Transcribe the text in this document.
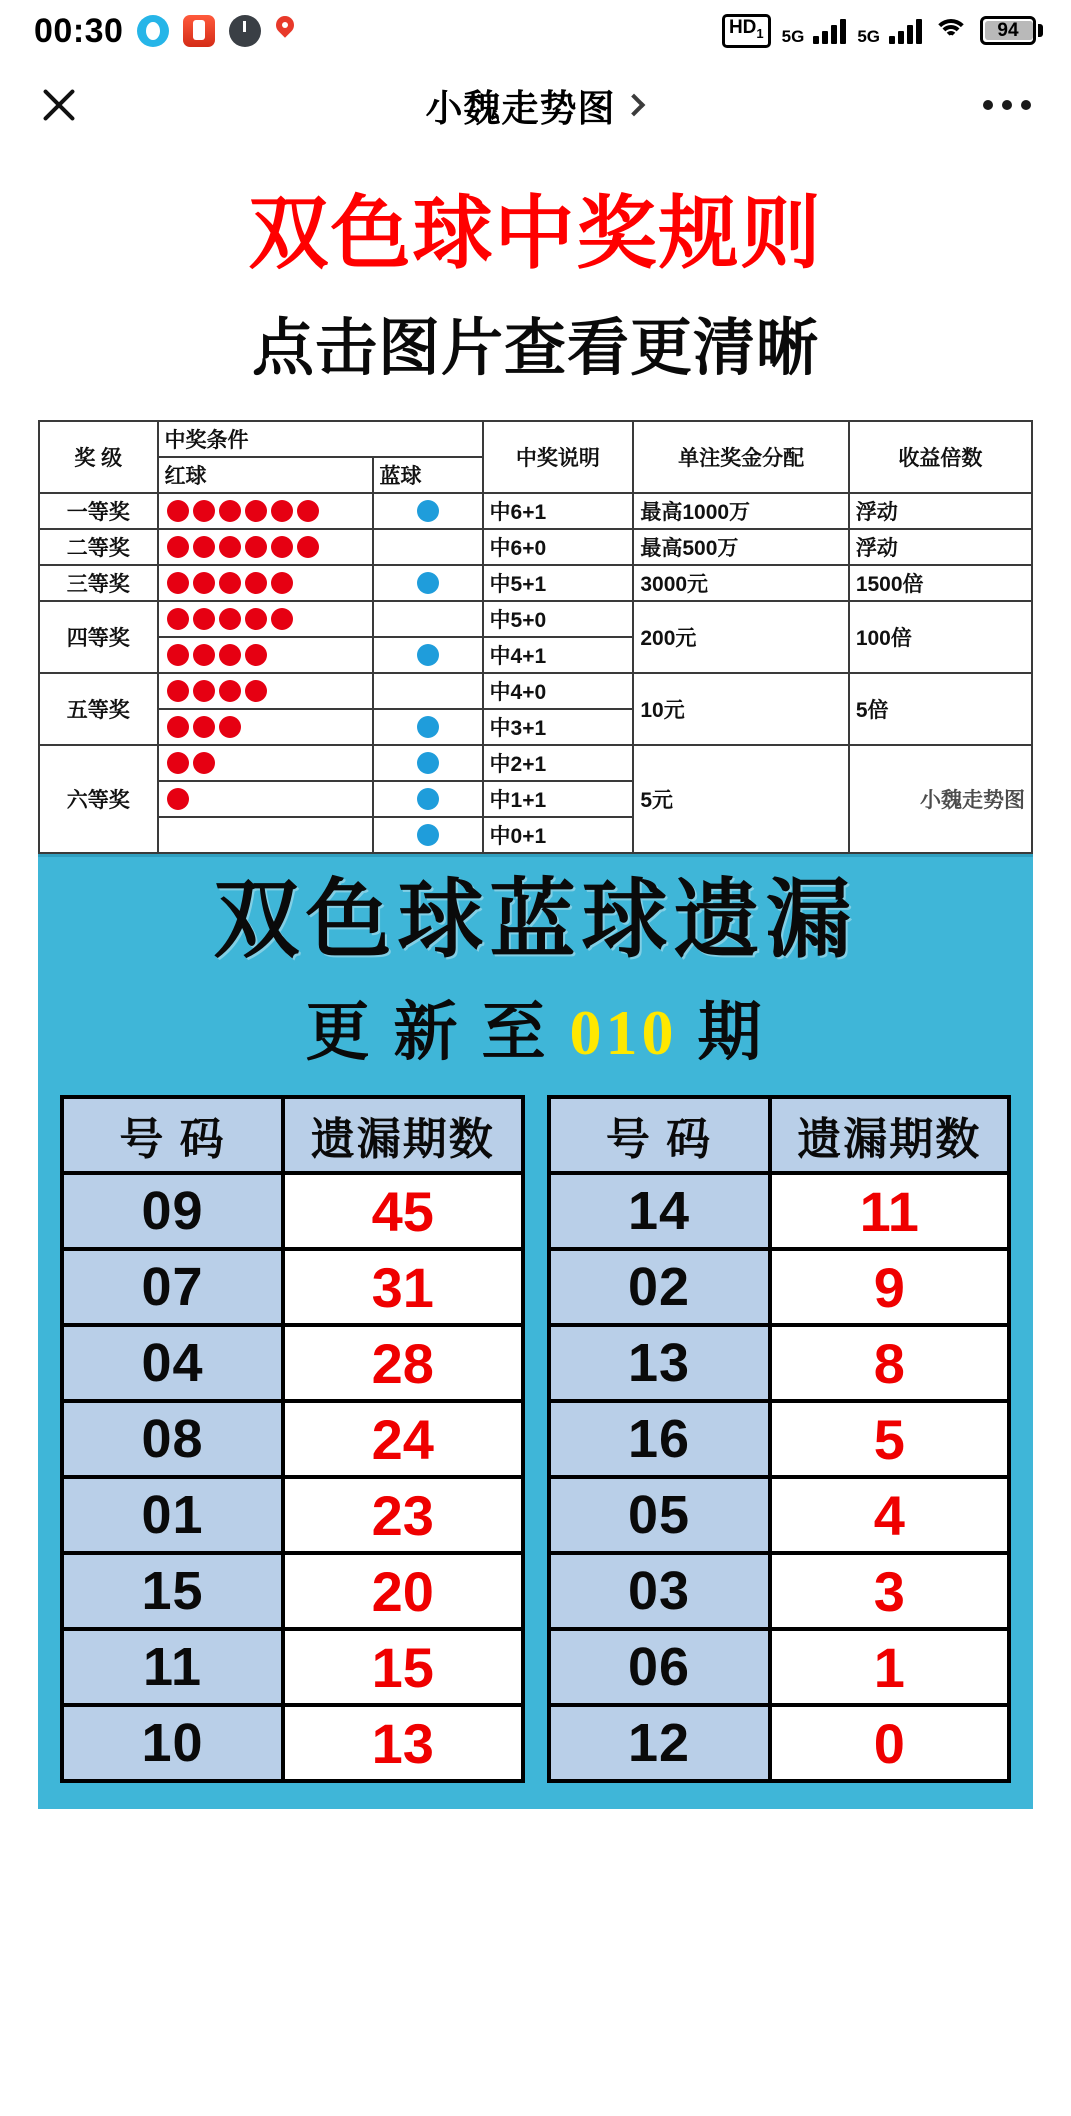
00:30	$HD_1$	5G	5G	94
小魏走势图
双色球中奖规则
点击图片查看更清晰
奖 级	中奖条件		中奖说明	单注奖金分配	收益倍数
	红球	蓝球			
一等奖			中6+1	最高1000万	浮动
二等奖			中6+0	最高500万	浮动
三等奖			中5+1	3000元	1500倍
四等奖			中5+0	200元	100倍
			中4+1		
五等奖			中4+0	10元	5倍
			中3+1		
六等奖			中2+1	5元	小魏走势图
			中1+1		
			中0+1		
双色球蓝球遗漏
更 新 至 010 期
号 码	遗漏期数
09	45
07	31
04	28
08	24
01	23
15	20
11	15
10	13
号 码	遗漏期数
14	11
02	9
13	8
16	5
05	4
03	3
06	1
12	0
